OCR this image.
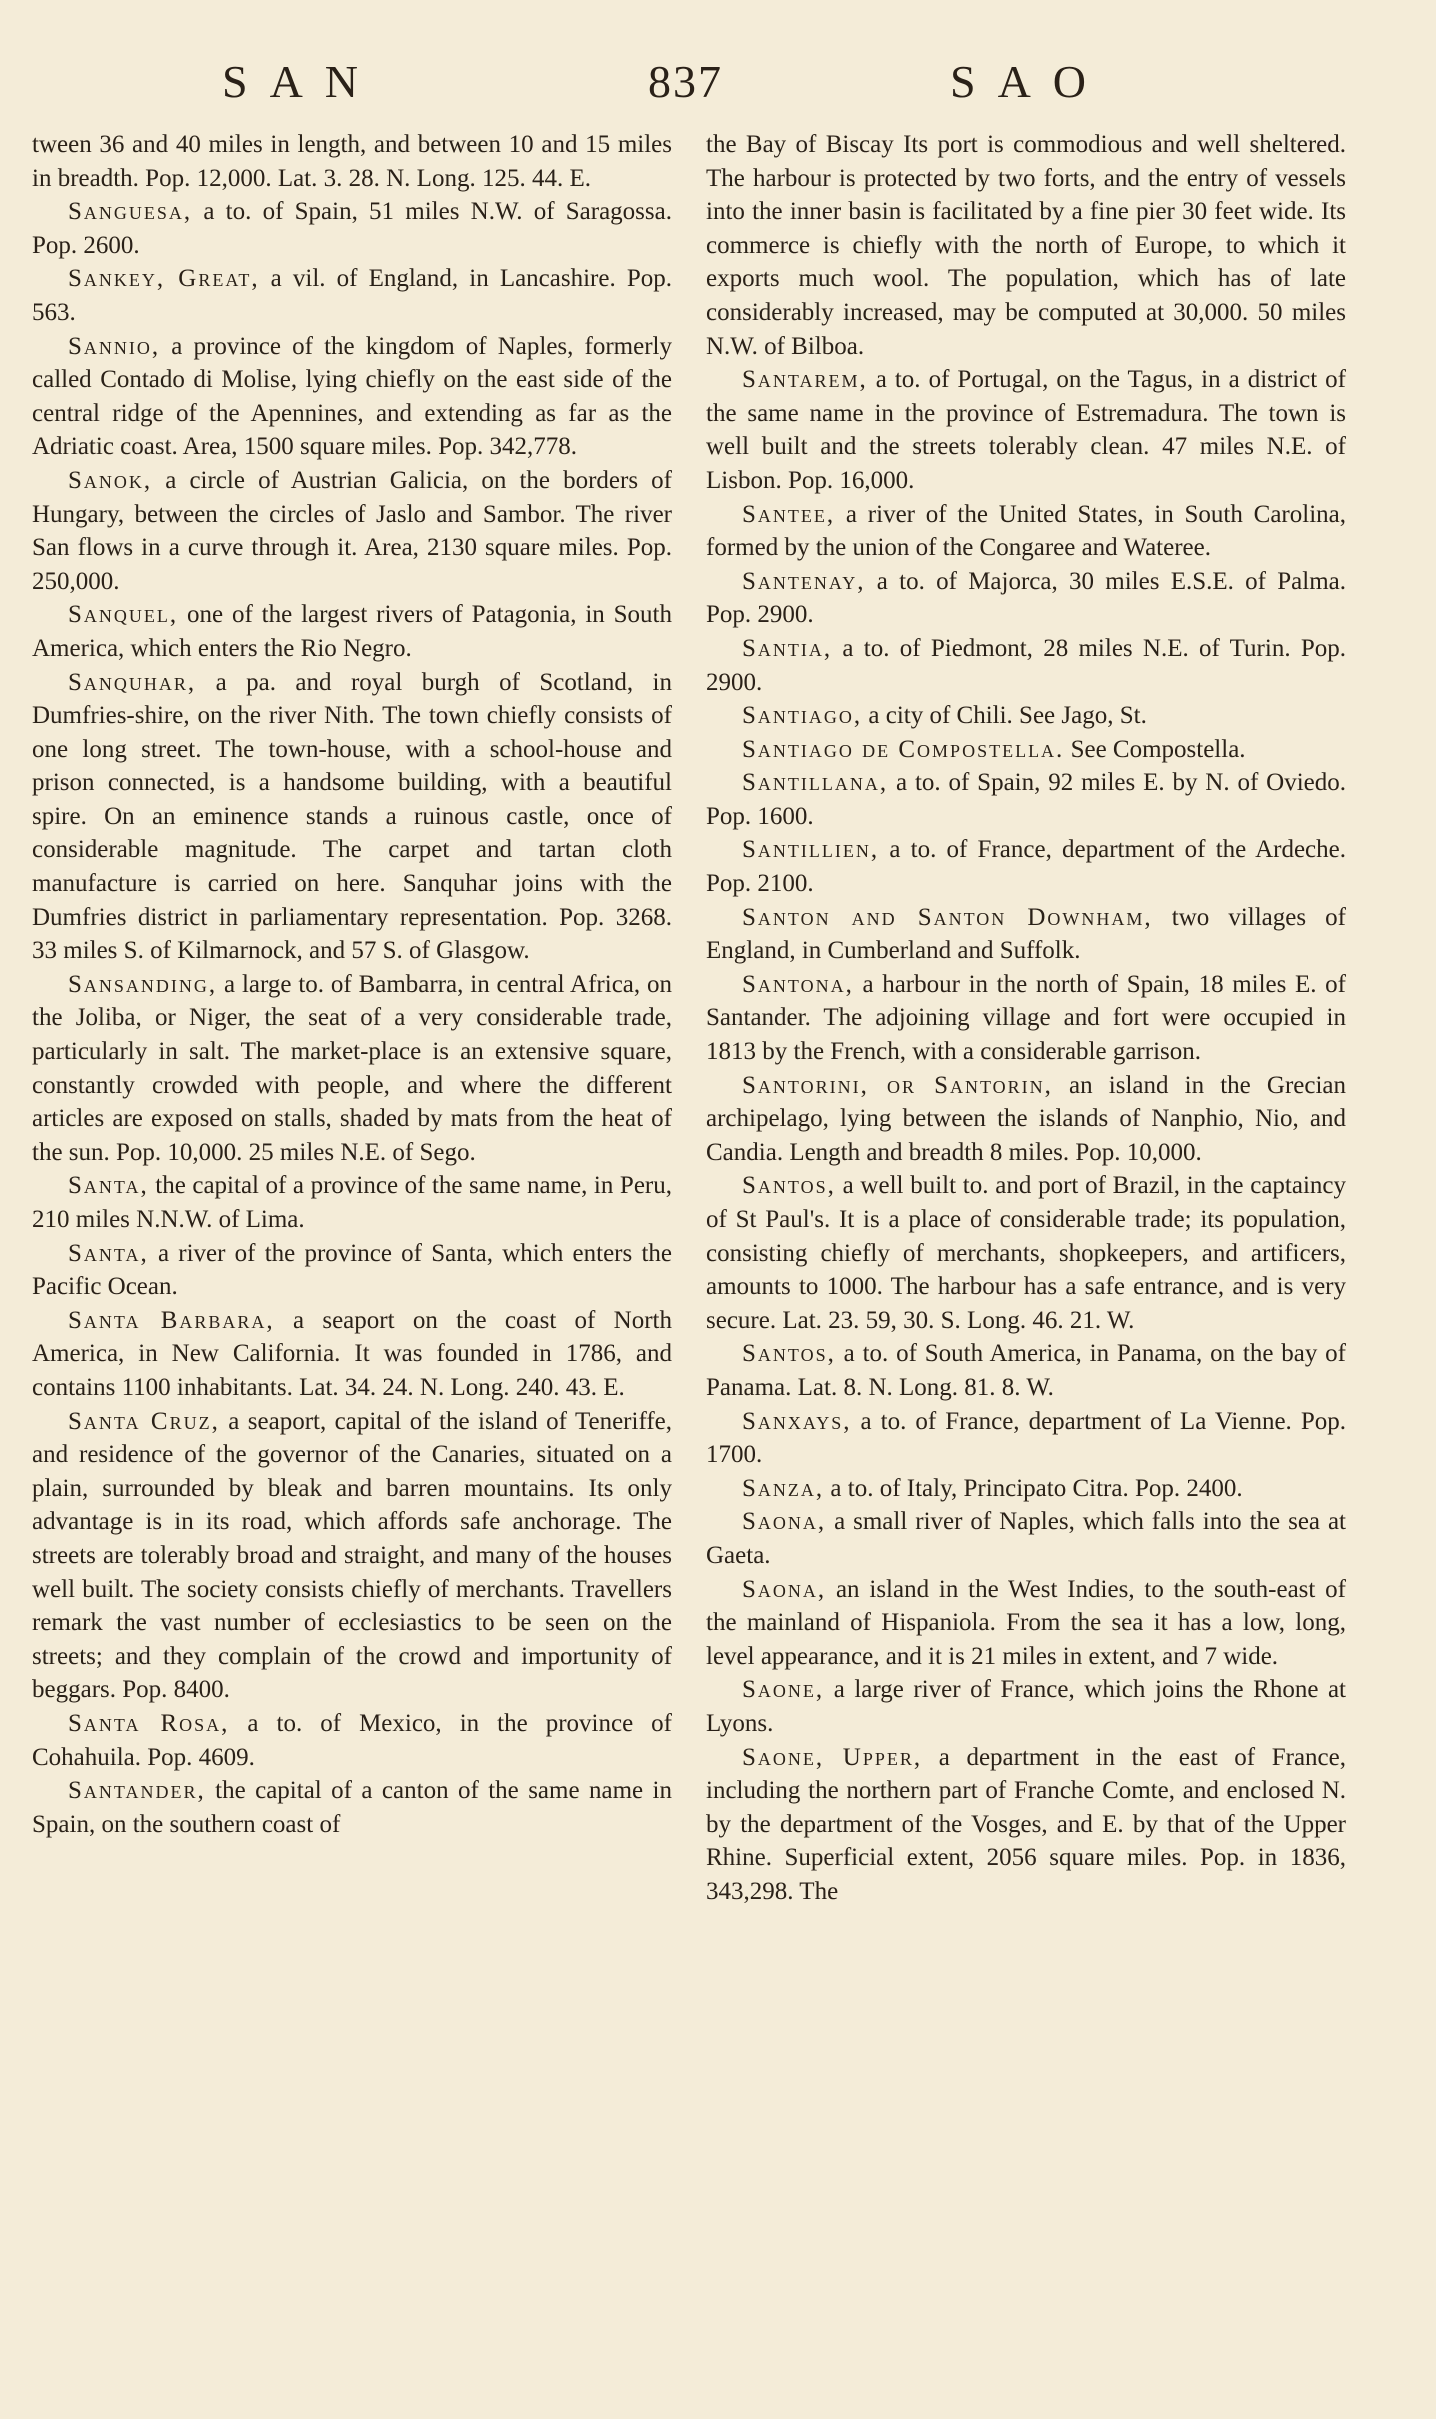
SAN	837	SAO

tween 36 and 40 miles in length, and between 10 and 15 miles in breadth. Pop. 12,000. Lat. 3. 28. N. Long. 125. 44. E.

Sanguesa, a to. of Spain, 51 miles N.W. of Saragossa. Pop. 2600.

Sankey, Great, a vil. of England, in Lancashire. Pop. 563.

Sannio, a province of the kingdom of Naples, formerly called Contado di Molise, lying chiefly on the east side of the central ridge of the Apennines, and extending as far as the Adriatic coast. Area, 1500 square miles. Pop. 342,778.

Sanok, a circle of Austrian Galicia, on the borders of Hungary, between the circles of Jaslo and Sambor. The river San flows in a curve through it. Area, 2130 square miles. Pop. 250,000.

Sanquel, one of the largest rivers of Patagonia, in South America, which enters the Rio Negro.

Sanquhar, a pa. and royal burgh of Scotland, in Dumfries-shire, on the river Nith. The town chiefly consists of one long street. The town-house, with a school-house and prison connected, is a handsome building, with a beautiful spire. On an eminence stands a ruinous castle, once of considerable magnitude. The carpet and tartan cloth manufacture is carried on here. Sanquhar joins with the Dumfries district in parliamentary representation. Pop. 3268. 33 miles S. of Kilmarnock, and 57 S. of Glasgow.

Sansanding, a large to. of Bambarra, in central Africa, on the Joliba, or Niger, the seat of a very considerable trade, particularly in salt. The market-place is an extensive square, constantly crowded with people, and where the different articles are exposed on stalls, shaded by mats from the heat of the sun. Pop. 10,000. 25 miles N.E. of Sego.

Santa, the capital of a province of the same name, in Peru, 210 miles N.N.W. of Lima.

Santa, a river of the province of Santa, which enters the Pacific Ocean.

Santa Barbara, a seaport on the coast of North America, in New California. It was founded in 1786, and contains 1100 inhabitants. Lat. 34. 24. N. Long. 240. 43. E.

Santa Cruz, a seaport, capital of the island of Teneriffe, and residence of the governor of the Canaries, situated on a plain, surrounded by bleak and barren mountains. Its only advantage is in its road, which affords safe anchorage. The streets are tolerably broad and straight, and many of the houses well built. The society consists chiefly of merchants. Travellers remark the vast number of ecclesiastics to be seen on the streets; and they complain of the crowd and importunity of beggars. Pop. 8400.

Santa Rosa, a to. of Mexico, in the province of Cohahuila. Pop. 4609.

Santander, the capital of a canton of the same name in Spain, on the southern coast of

the Bay of Biscay Its port is commodious and well sheltered. The harbour is protected by two forts, and the entry of vessels into the inner basin is facilitated by a fine pier 30 feet wide. Its commerce is chiefly with the north of Europe, to which it exports much wool. The population, which has of late considerably increased, may be computed at 30,000. 50 miles N.W. of Bilboa.

Santarem, a to. of Portugal, on the Tagus, in a district of the same name in the province of Estremadura. The town is well built and the streets tolerably clean. 47 miles N.E. of Lisbon. Pop. 16,000.

Santee, a river of the United States, in South Carolina, formed by the union of the Congaree and Wateree.

Santenay, a to. of Majorca, 30 miles E.S.E. of Palma. Pop. 2900.

Santia, a to. of Piedmont, 28 miles N.E. of Turin. Pop. 2900.

Santiago, a city of Chili. See Jago, St.

Santiago de Compostella. See Compostella.

Santillana, a to. of Spain, 92 miles E. by N. of Oviedo. Pop. 1600.

Santillien, a to. of France, department of the Ardeche. Pop. 2100.

Santon and Santon Downham, two villages of England, in Cumberland and Suffolk.

Santona, a harbour in the north of Spain, 18 miles E. of Santander. The adjoining village and fort were occupied in 1813 by the French, with a considerable garrison.

Santorini, or Santorin, an island in the Grecian archipelago, lying between the islands of Nanphio, Nio, and Candia. Length and breadth 8 miles. Pop. 10,000.

Santos, a well built to. and port of Brazil, in the captaincy of St Paul's. It is a place of considerable trade; its population, consisting chiefly of merchants, shopkeepers, and artificers, amounts to 1000. The harbour has a safe entrance, and is very secure. Lat. 23. 59, 30. S. Long. 46. 21. W.

Santos, a to. of South America, in Panama, on the bay of Panama. Lat. 8. N. Long. 81. 8. W.

Sanxays, a to. of France, department of La Vienne. Pop. 1700.

Sanza, a to. of Italy, Principato Citra. Pop. 2400.

Saona, a small river of Naples, which falls into the sea at Gaeta.

Saona, an island in the West Indies, to the south-east of the mainland of Hispaniola. From the sea it has a low, long, level appearance, and it is 21 miles in extent, and 7 wide.

Saone, a large river of France, which joins the Rhone at Lyons.

Saone, Upper, a department in the east of France, including the northern part of Franche Comte, and enclosed N. by the department of the Vosges, and E. by that of the Upper Rhine. Superficial extent, 2056 square miles. Pop. in 1836, 343,298. The
